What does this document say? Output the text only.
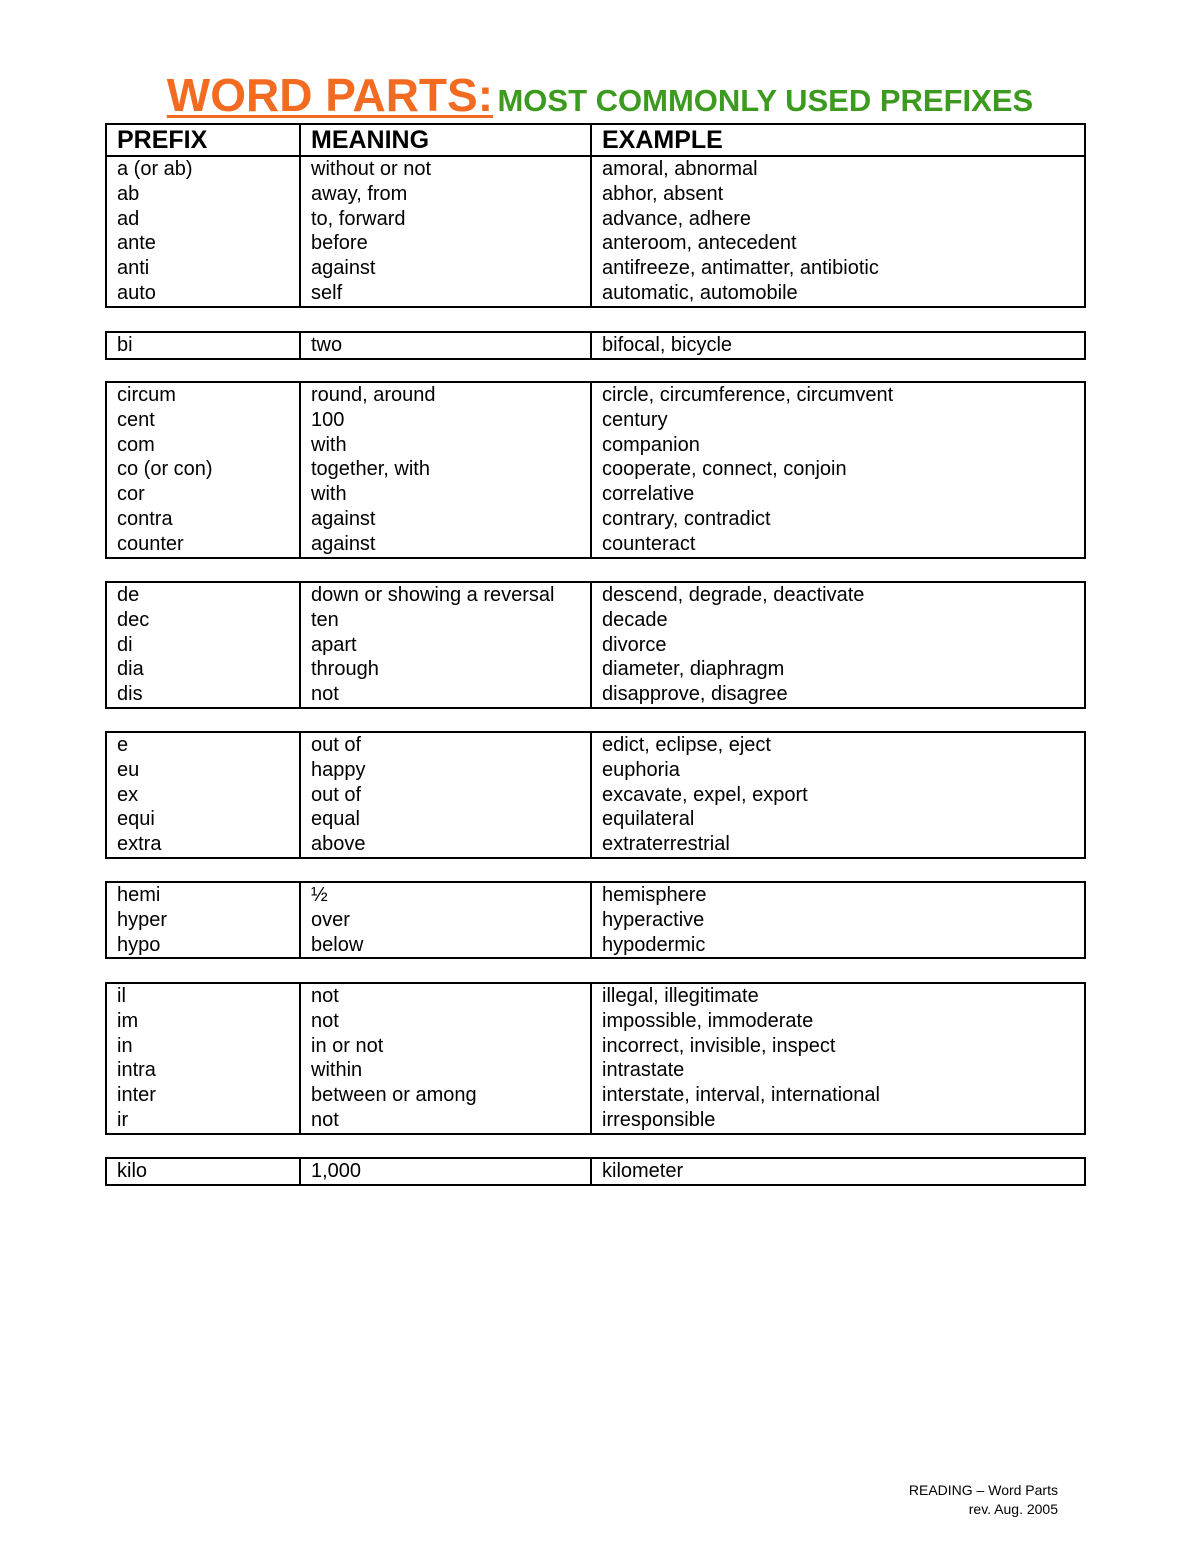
WORD PARTS: MOST COMMONLY USED PREFIXES
PREFIX	MEANING	EXAMPLE
a (or ab)	without or not	amoral, abnormal
ab	away, from	abhor, absent
ad	to, forward	advance, adhere
ante	before	anteroom, antecedent
anti	against	antifreeze, antimatter, antibiotic
auto	self	automatic, automobile
bi	two	bifocal, bicycle
circum	round, around	circle, circumference, circumvent
cent	100	century
com	with	companion
co (or con)	together, with	cooperate, connect, conjoin
cor	with	correlative
contra	against	contrary, contradict
counter	against	counteract
de	down or showing a reversal	descend, degrade, deactivate
dec	ten	decade
di	apart	divorce
dia	through	diameter, diaphragm
dis	not	disapprove, disagree
e	out of	edict, eclipse, eject
eu	happy	euphoria
ex	out of	excavate, expel, export
equi	equal	equilateral
extra	above	extraterrestrial
hemi	½	hemisphere
hyper	over	hyperactive
hypo	below	hypodermic
il	not	illegal, illegitimate
im	not	impossible, immoderate
in	in or not	incorrect, invisible, inspect
intra	within	intrastate
inter	between or among	interstate, interval, international
ir	not	irresponsible
kilo	1,000	kilometer
READING – Word Parts
rev. Aug. 2005
